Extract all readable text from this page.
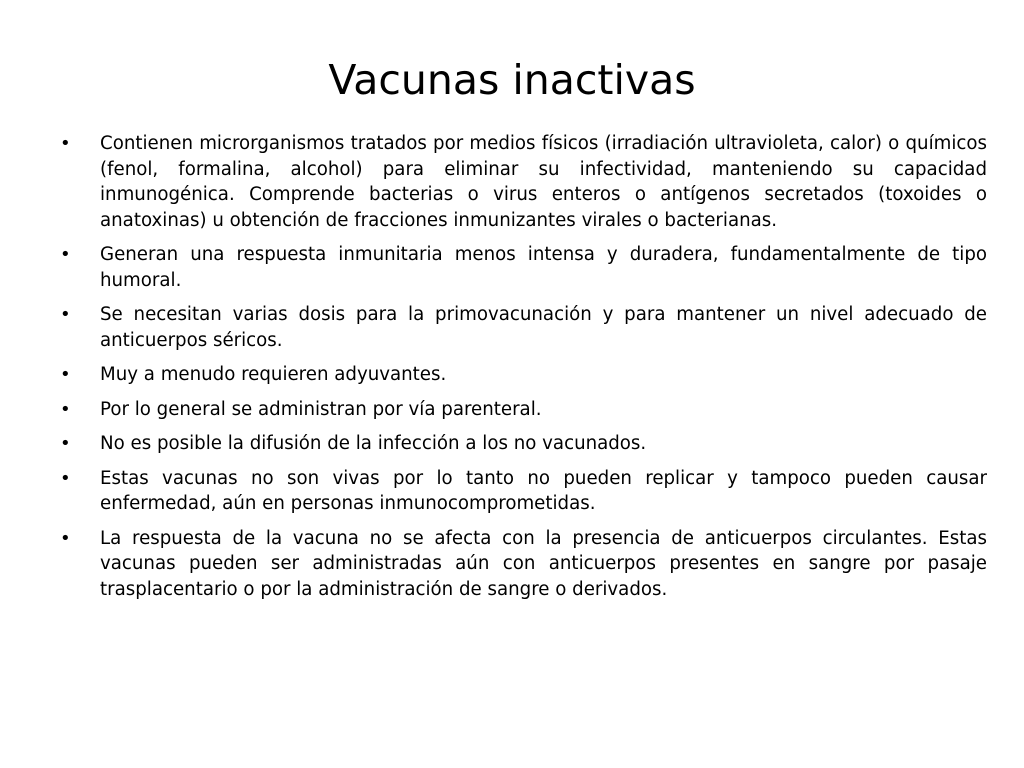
Vacunas inactivas
•	Contienen microrganismos tratados por medios físicos (irradiación ultravioleta, calor) o químicos (fenol, formalina, alcohol) para eliminar su infectividad, manteniendo su capacidad inmunogénica. Comprende bacterias o virus enteros o antígenos secretados (toxoides o anatoxinas) u obtención de fracciones inmunizantes virales o bacterianas.
•	Generan una respuesta inmunitaria menos intensa y duradera, fundamentalmente de tipo humoral.
•	Se necesitan varias dosis para la primovacunación y para mantener un nivel adecuado de anticuerpos séricos.
•	Muy a menudo requieren adyuvantes.
•	Por lo general se administran por vía parenteral.
•	No es posible la difusión de la infección a los no vacunados.
•	Estas vacunas no son vivas por lo tanto no pueden replicar y tampoco pueden causar enfermedad, aún en personas inmunocomprometidas.
•	La respuesta de la vacuna no se afecta con la presencia de anticuerpos circulantes. Estas vacunas pueden ser administradas aún con anticuerpos presentes en sangre por pasaje trasplacentario o por la administración de sangre o derivados.
